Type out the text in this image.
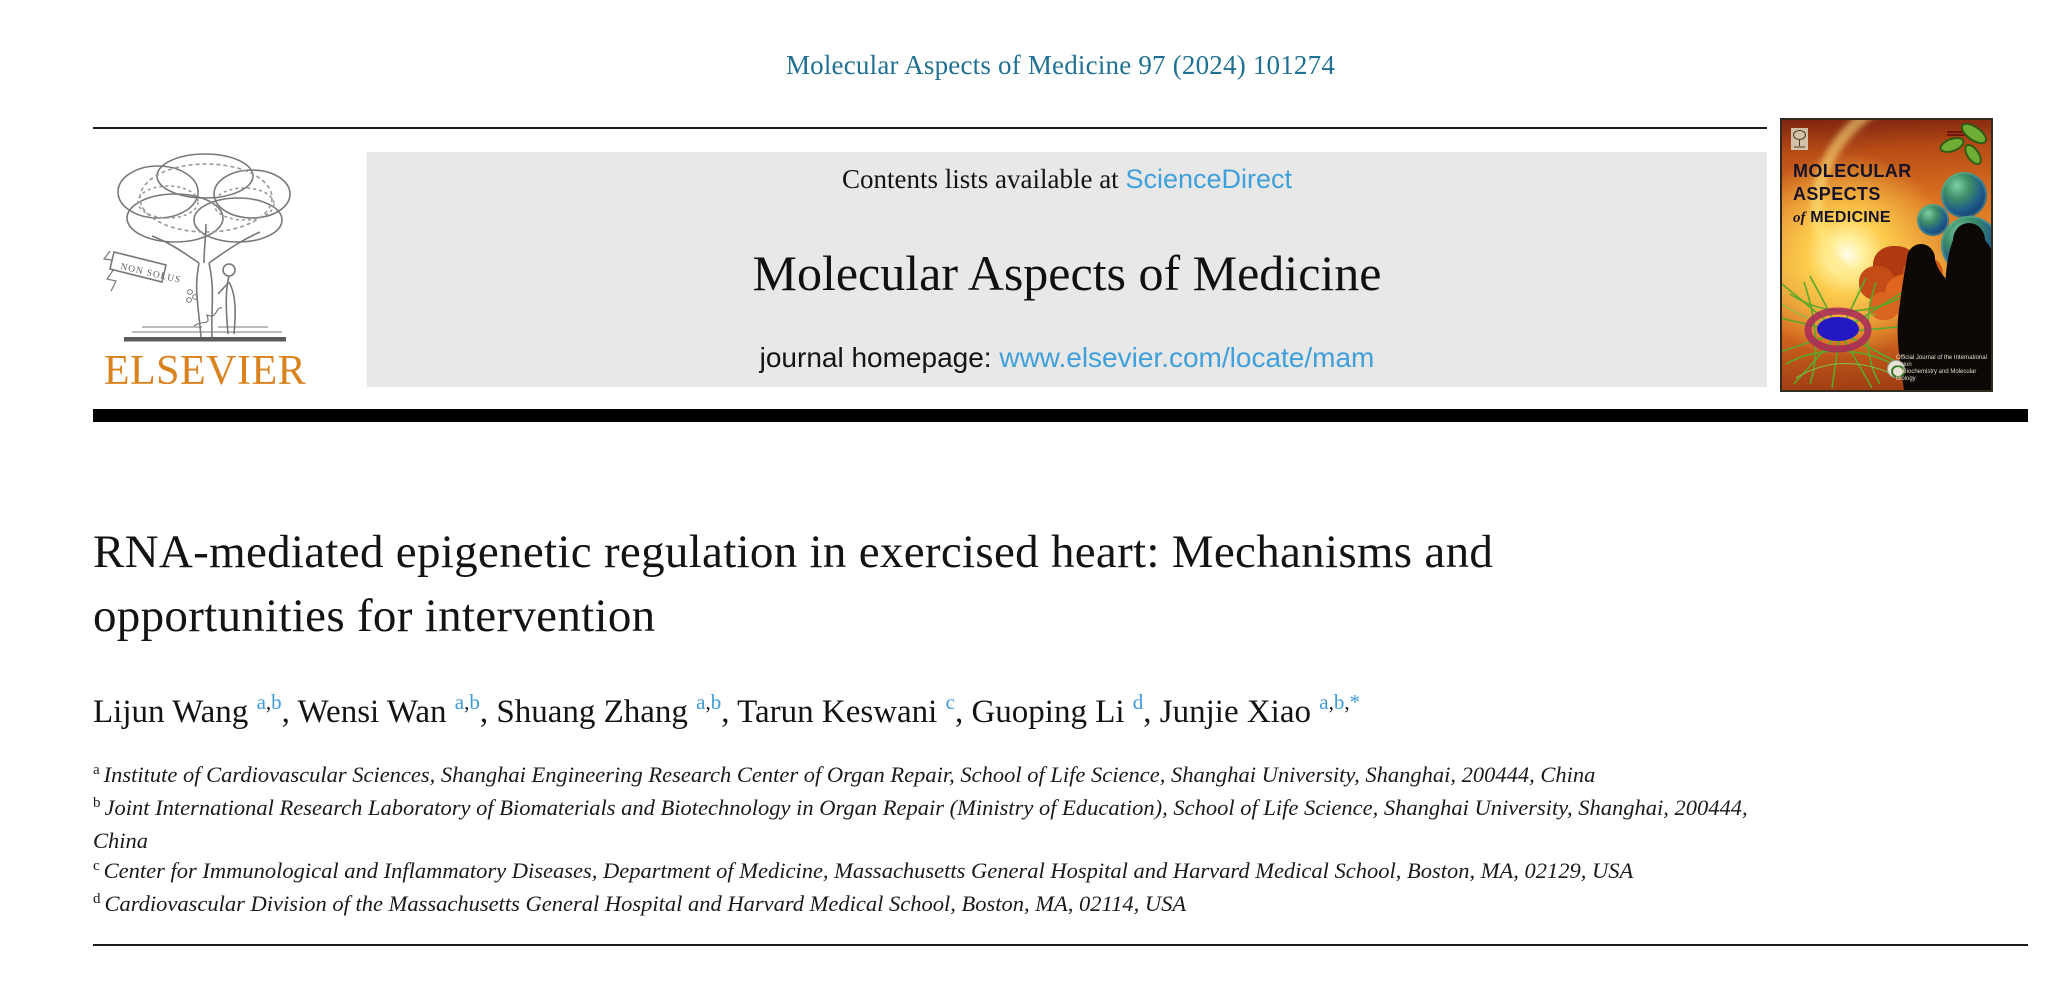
Molecular Aspects of Medicine 97 (2024) 101274
NON SOLUS
ELSEVIER
Contents lists available at ScienceDirect
Molecular Aspects of Medicine
journal homepage: www.elsevier.com/locate/mam
MOLECULAR
ASPECTS
of MEDICINE
Official Journal of the International Union
of Biochemistry and Molecular Biology
RNA-mediated epigenetic regulation in exercised heart: Mechanisms and
opportunities for intervention
Lijun Wang $^{a,b}$, Wensi Wan $^{a,b}$, Shuang Zhang $^{a,b}$, Tarun Keswani $^c$, Guoping Li $^d$, Junjie Xiao $^{a,b,*}$
$^a$ Institute of Cardiovascular Sciences, Shanghai Engineering Research Center of Organ Repair, School of Life Science, Shanghai University, Shanghai, 200444, China
$^b$ Joint International Research Laboratory of Biomaterials and Biotechnology in Organ Repair (Ministry of Education), School of Life Science, Shanghai University, Shanghai, 200444, China
$^c$ Center for Immunological and Inflammatory Diseases, Department of Medicine, Massachusetts General Hospital and Harvard Medical School, Boston, MA, 02129, USA
$^d$ Cardiovascular Division of the Massachusetts General Hospital and Harvard Medical School, Boston, MA, 02114, USA
